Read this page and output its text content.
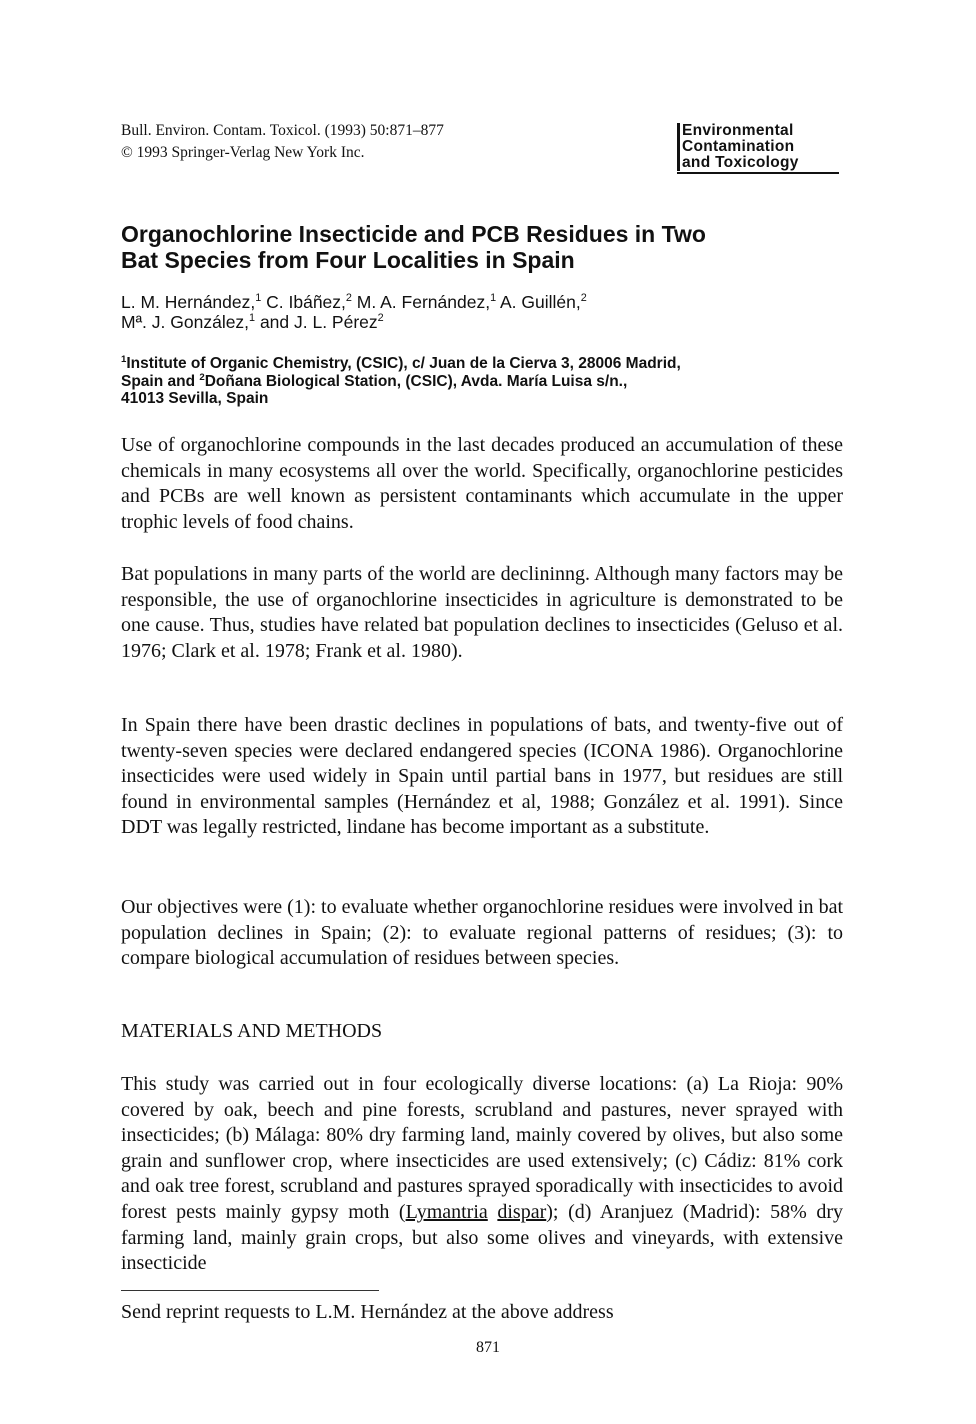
Bull. Environ. Contam. Toxicol. (1993) 50:871–877
© 1993 Springer-Verlag New York Inc.
Environmental
Contamination
and Toxicology
Organochlorine Insecticide and PCB Residues in Two
Bat Species from Four Localities in Spain
L. M. Hernández,$^1$ C. Ibáñez,$^2$ M. A. Fernández,$^1$ A. Guillén,$^2$
Mª. J. González,$^1$ and J. L. Pérez$^2$
$^1$Institute of Organic Chemistry, (CSIC), c/ Juan de la Cierva 3, 28006 Madrid,
Spain and $^2$Doñana Biological Station, (CSIC), Avda. María Luisa s/n.,
41013 Sevilla, Spain

Use of organochlorine compounds in the last decades produced an accumulation of these chemicals in many ecosystems all over the world. Specifically, organochlorine pesticides and PCBs are well known as persistent contaminants which accumulate in the upper trophic levels of food chains.

Bat populations in many parts of the world are declininng. Although many factors may be responsible, the use of organochlorine insecticides in agriculture is demonstrated to be one cause. Thus, studies have related bat population declines to insecticides (Geluso et al. 1976; Clark et al. 1978; Frank et al. 1980).

In Spain there have been drastic declines in populations of bats, and twenty-five out of twenty-seven species were declared endangered species (ICONA 1986). Organochlorine insecticides were used widely in Spain until partial bans in 1977, but residues are still found in environmental samples (Hernández et al, 1988; González et al. 1991). Since DDT was legally restricted, lindane has become important as a substitute.

Our objectives were (1): to evaluate whether organochlorine residues were involved in bat population declines in Spain; (2): to evaluate regional patterns of residues; (3): to compare biological accumulation of residues between species.

MATERIALS AND METHODS

This study was carried out in four ecologically diverse locations: (a) La Rioja: 90% covered by oak, beech and pine forests, scrubland and pastures, never sprayed with insecticides; (b) Málaga: 80% dry farming land, mainly covered by olives, but also some grain and sunflower crop, where insecticides are used extensively; (c) Cádiz: 81% cork and oak tree forest, scrubland and pastures sprayed sporadically with insecticides to avoid forest pests mainly gypsy moth (Lymantria dispar); (d) Aranjuez (Madrid): 58% dry farming land, mainly grain crops, but also some olives and vineyards, with extensive insecticide

Send reprint requests to L.M. Hernández at the above address
871
